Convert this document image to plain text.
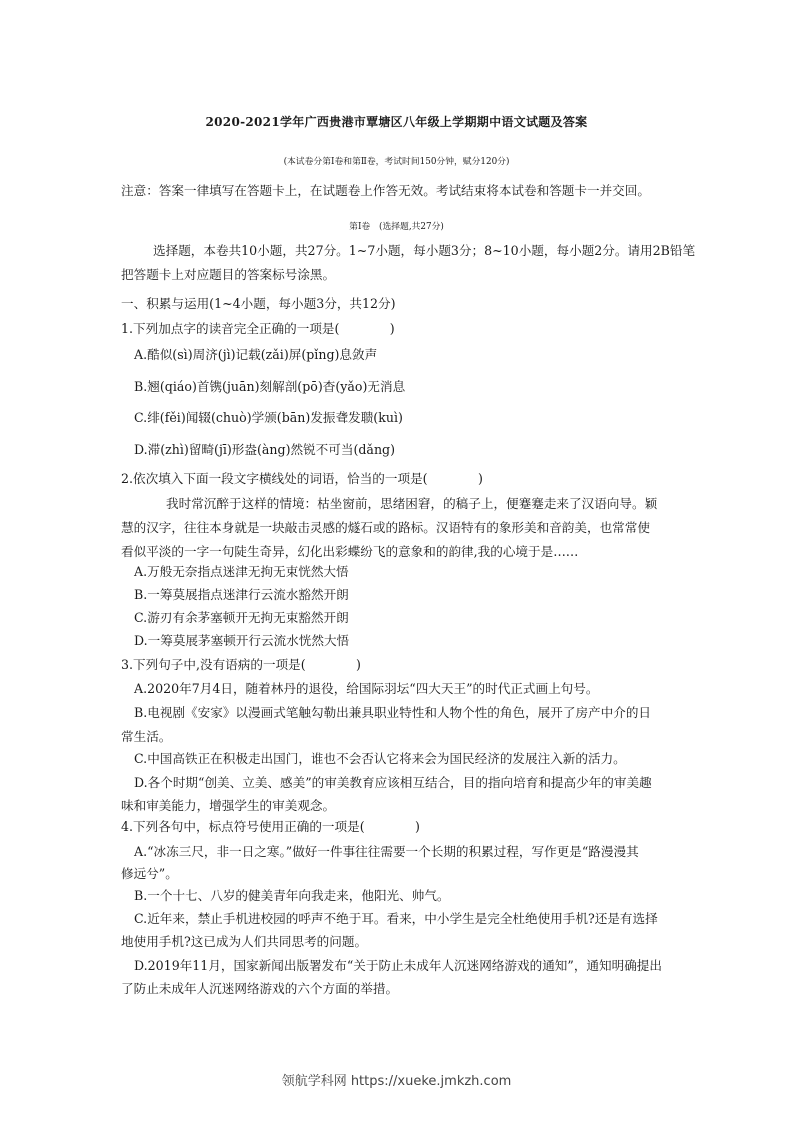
2020-2021学年广西贵港市覃塘区八年级上学期期中语文试题及答案
(本试卷分第Ⅰ卷和第Ⅱ卷，考试时间150分钟，赋分120分)
注意：答案一律填写在答题卡上，在试题卷上作答无效。考试结束将本试卷和答题卡一并交回。
第Ⅰ卷　(选择题,共27分)
选择题，本卷共10小题，共27分。1~7小题，每小题3分；8~10小题，每小题2分。请用2B铅笔
把答题卡上对应题目的答案标号涂黑。
一、积累与运用(1~4小题，每小题3分，共12分)
1.下列加点字的读音完全正确的一项是(　　　　)
A.酷似(sì)周济(jì)记载(zǎi)屏(pǐng)息敛声
B.翘(qiáo)首镌(juān)刻解剖(pō)杳(yǎo)无消息
C.绯(fěi)闻辍(chuò)学颁(bān)发振聋发聩(kuì)
D.滞(zhì)留畸(jī)形盎(àng)然锐不可当(dǎng)
2.依次填入下面一段文字横线处的词语，恰当的一项是(　　　　)
我时常沉醉于这样的情境：枯坐窗前，思绪困窘，的稿子上，便蹇蹇走来了汉语向导。颖
慧的汉字，往往本身就是一块敲击灵感的燧石或的路标。汉语特有的象形美和音韵美，也常常使
看似平淡的一字一句陡生奇异，幻化出彩蝶纷飞的意象和的韵律,我的心境于是……
A.万般无奈指点迷津无拘无束恍然大悟
B.一筹莫展指点迷津行云流水豁然开朗
C.游刃有余茅塞顿开无拘无束豁然开朗
D.一筹莫展茅塞顿开行云流水恍然大悟
3.下列句子中,没有语病的一项是(　　　　)
A.2020年7月4日，随着林丹的退役，给国际羽坛“四大天王”的时代正式画上句号。
B.电视剧《安家》以漫画式笔触勾勒出兼具职业特性和人物个性的角色，展开了房产中介的日
常生活。
C.中国高铁正在积极走出国门，谁也不会否认它将来会为国民经济的发展注入新的活力。
D.各个时期“创美、立美、感美”的审美教育应该相互结合，目的指向培育和提高少年的审美趣
味和审美能力，增强学生的审美观念。
4.下列各句中，标点符号使用正确的一项是(　　　　)
A.“冰冻三尺，非一日之寒。”做好一件事往往需要一个长期的积累过程，写作更是“路漫漫其
修远兮”。
B.一个十七、八岁的健美青年向我走来，他阳光、帅气。
C.近年来，禁止手机进校园的呼声不绝于耳。看来，中小学生是完全杜绝使用手机?还是有选择
地使用手机?这已成为人们共同思考的问题。
D.2019年11月，国家新闻出版署发布“关于防止未成年人沉迷网络游戏的通知”，通知明确提出
了防止未成年人沉迷网络游戏的六个方面的举措。
领航学科网 https://xueke.jmkzh.com
